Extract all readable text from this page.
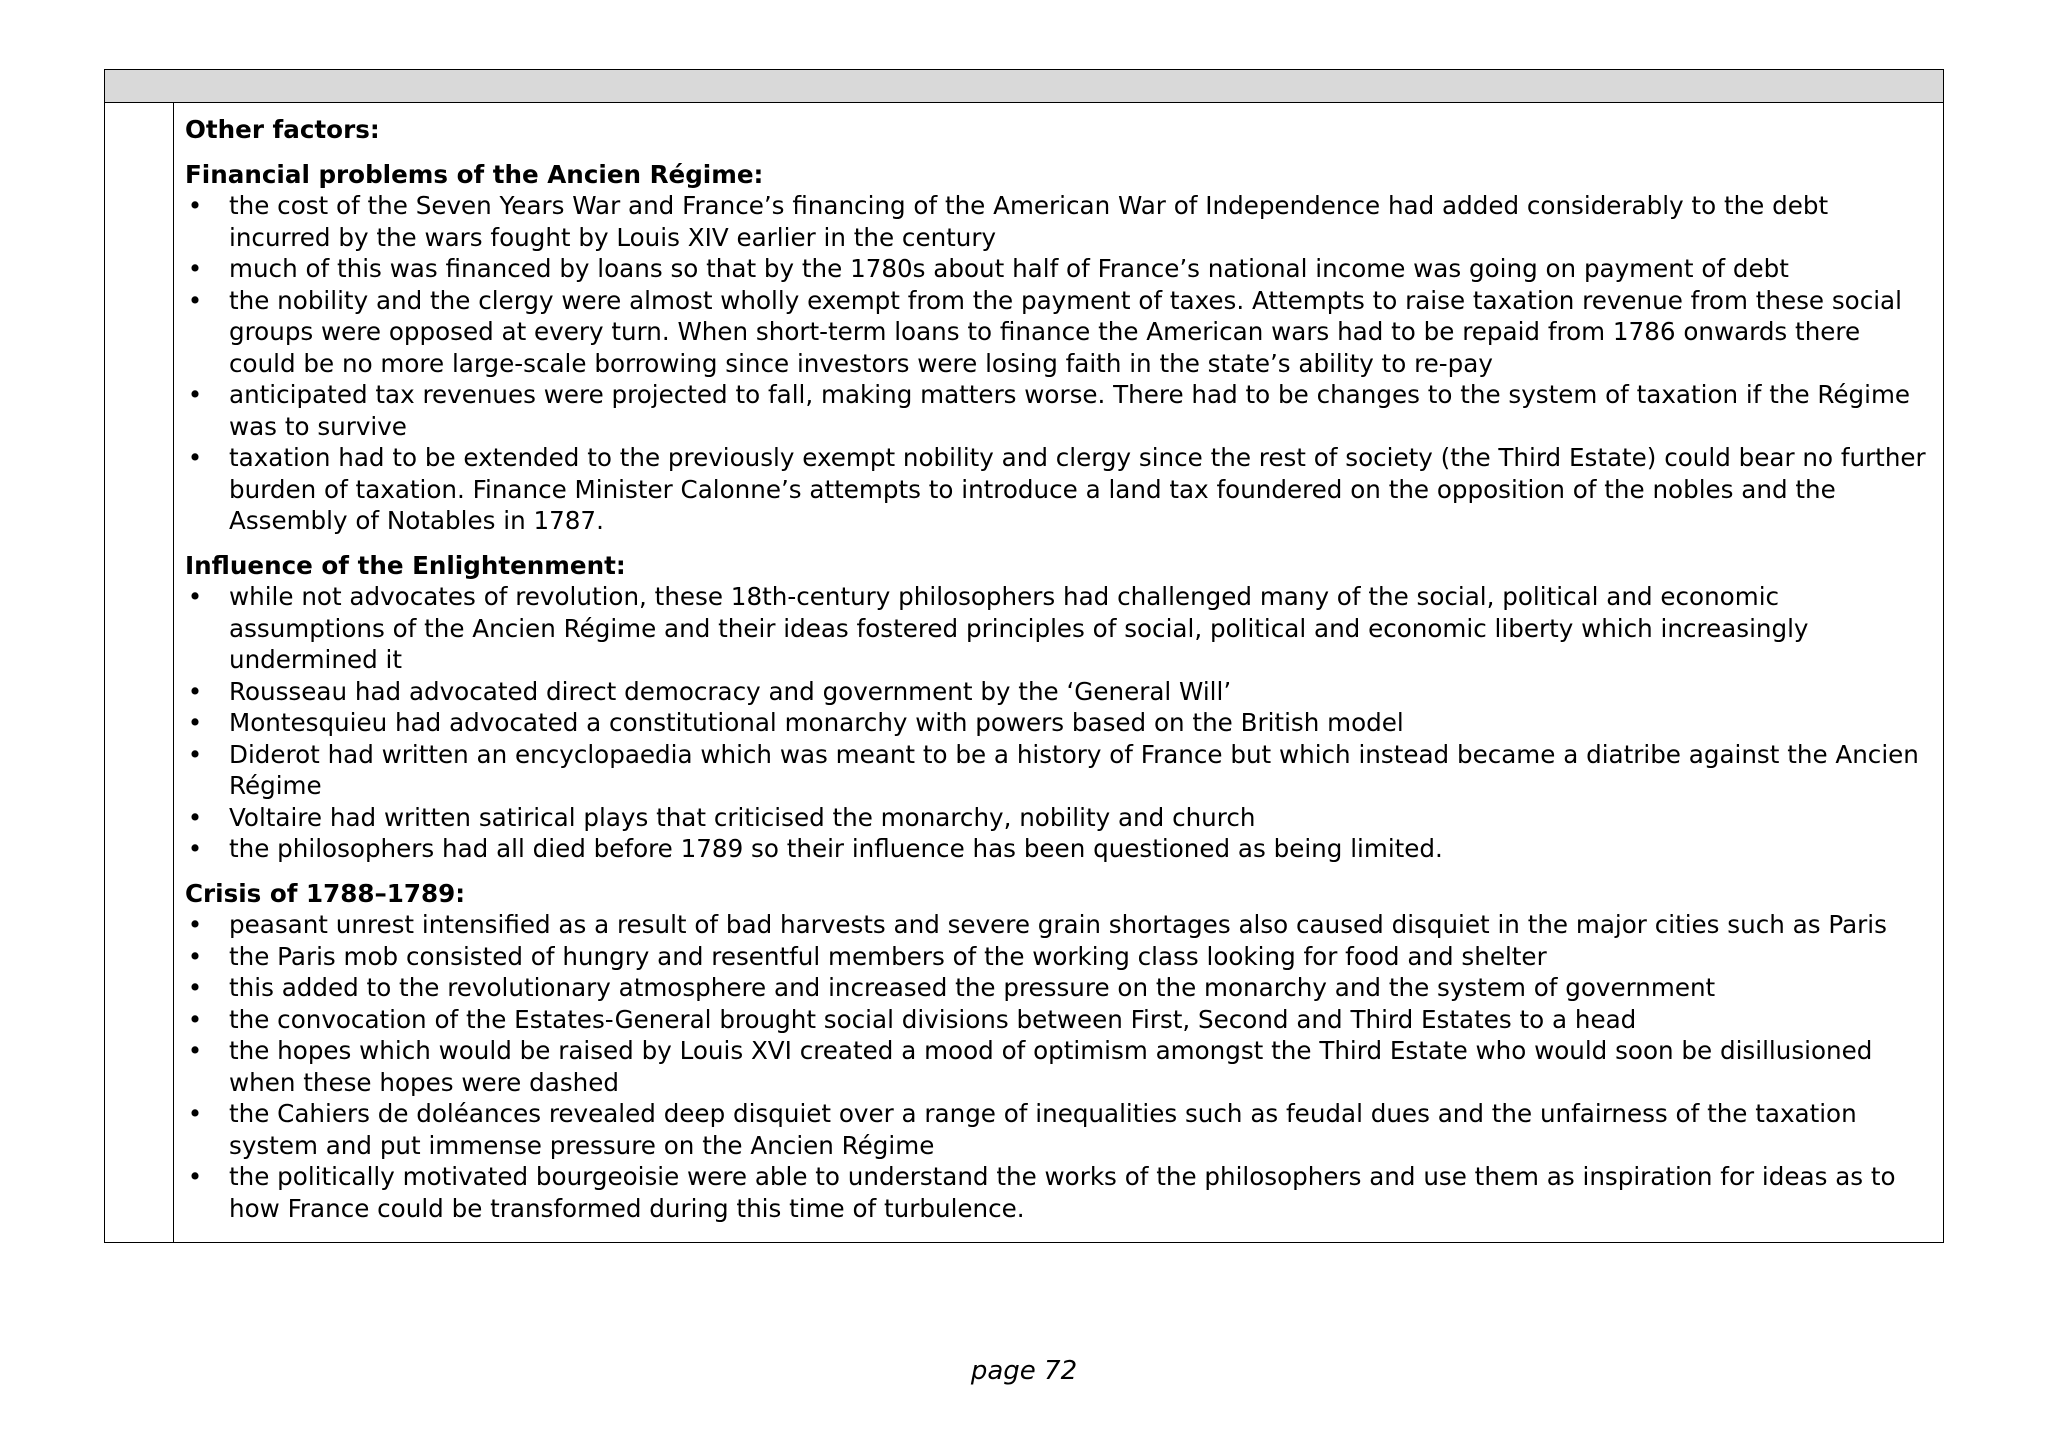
Other factors:

Financial problems of the Ancien Régime:

• the cost of the Seven Years War and France’s financing of the American War of Independence had added considerably to the debt incurred by the wars fought by Louis XIV earlier in the century
• much of this was financed by loans so that by the 1780s about half of France’s national income was going on payment of debt
• the nobility and the clergy were almost wholly exempt from the payment of taxes. Attempts to raise taxation revenue from these social groups were opposed at every turn. When short-term loans to finance the American wars had to be repaid from 1786 onwards there could be no more large-scale borrowing since investors were losing faith in the state’s ability to re-pay
• anticipated tax revenues were projected to fall, making matters worse. There had to be changes to the system of taxation if the Régime was to survive
• taxation had to be extended to the previously exempt nobility and clergy since the rest of society (the Third Estate) could bear no further burden of taxation. Finance Minister Calonne’s attempts to introduce a land tax foundered on the opposition of the nobles and the Assembly of Notables in 1787.

Influence of the Enlightenment:

• while not advocates of revolution, these 18th-century philosophers had challenged many of the social, political and economic assumptions of the Ancien Régime and their ideas fostered principles of social, political and economic liberty which increasingly undermined it
• Rousseau had advocated direct democracy and government by the ‘General Will’
• Montesquieu had advocated a constitutional monarchy with powers based on the British model
• Diderot had written an encyclopaedia which was meant to be a history of France but which instead became a diatribe against the Ancien Régime
• Voltaire had written satirical plays that criticised the monarchy, nobility and church
• the philosophers had all died before 1789 so their influence has been questioned as being limited.

Crisis of 1788–1789:

• peasant unrest intensified as a result of bad harvests and severe grain shortages also caused disquiet in the major cities such as Paris
• the Paris mob consisted of hungry and resentful members of the working class looking for food and shelter
• this added to the revolutionary atmosphere and increased the pressure on the monarchy and the system of government
• the convocation of the Estates-General brought social divisions between First, Second and Third Estates to a head
• the hopes which would be raised by Louis XVI created a mood of optimism amongst the Third Estate who would soon be disillusioned when these hopes were dashed
• the Cahiers de doléances revealed deep disquiet over a range of inequalities such as feudal dues and the unfairness of the taxation system and put immense pressure on the Ancien Régime
• the politically motivated bourgeoisie were able to understand the works of the philosophers and use them as inspiration for ideas as to how France could be transformed during this time of turbulence.
page 72
